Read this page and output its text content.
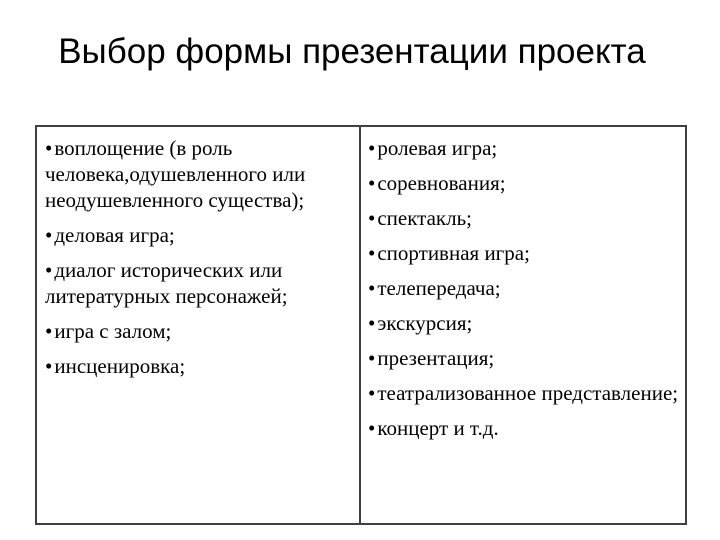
Выбор формы презентации проекта
•воплощение (в роль человека,одушевленного или неодушевленного существа);
•деловая игра;
•диалог исторических или литературных персонажей;
•игра с залом;
•инсценировка;
•ролевая игра;
•соревнования;
•спектакль;
•спортивная игра;
•телепередача;
•экскурсия;
•презентация;
•театрализованное представление;
•концерт и т.д.
